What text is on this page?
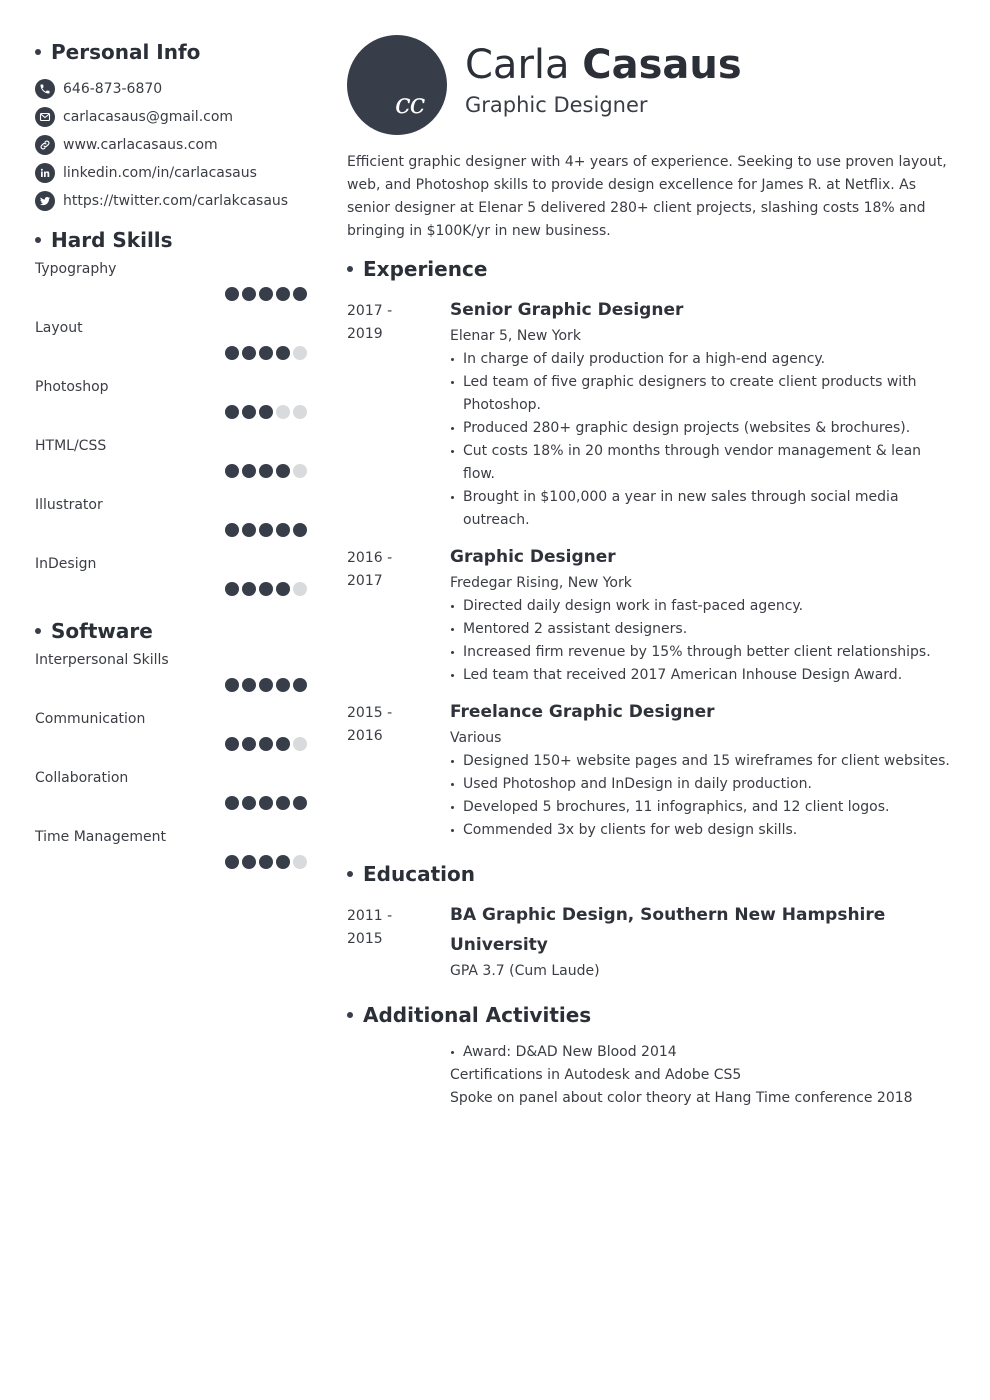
Personal Info
646-873-6870
carlacasaus@gmail.com
www.carlacasaus.com
linkedin.com/in/carlacasaus
https://twitter.com/carlakcasaus
Hard Skills
Typography
Layout
Photoshop
HTML/CSS
Illustrator
InDesign
Software
Interpersonal Skills
Communication
Collaboration
Time Management
cc
Carla Casaus
Graphic Designer

Efficient graphic designer with 4+ years of experience. Seeking to use proven layout, web, and Photoshop skills to provide design excellence for James R. at Netflix. As senior designer at Elenar 5 delivered 280+ client projects, slashing costs 18% and bringing in $100K/yr in new business.

Experience
2017 -
2019
Senior Graphic Designer
Elenar 5, New York
In charge of daily production for a high-end agency.
Led team of five graphic designers to create client products with Photoshop.
Produced 280+ graphic design projects (websites & brochures).
Cut costs 18% in 20 months through vendor management & lean flow.
Brought in $100,000 a year in new sales through social media outreach.
2016 -
2017
Graphic Designer
Fredegar Rising, New York
Directed daily design work in fast-paced agency.
Mentored 2 assistant designers.
Increased firm revenue by 15% through better client relationships.
Led team that received 2017 American Inhouse Design Award.
2015 -
2016
Freelance Graphic Designer
Various
Designed 150+ website pages and 15 wireframes for client websites.
Used Photoshop and InDesign in daily production.
Developed 5 brochures, 11 infographics, and 12 client logos.
Commended 3x by clients for web design skills.
Education
2011 -
2015
BA Graphic Design, Southern New Hampshire University
GPA 3.7 (Cum Laude)
Additional Activities
Award: D&AD New Blood 2014
Certifications in Autodesk and Adobe CS5
Spoke on panel about color theory at Hang Time conference 2018
